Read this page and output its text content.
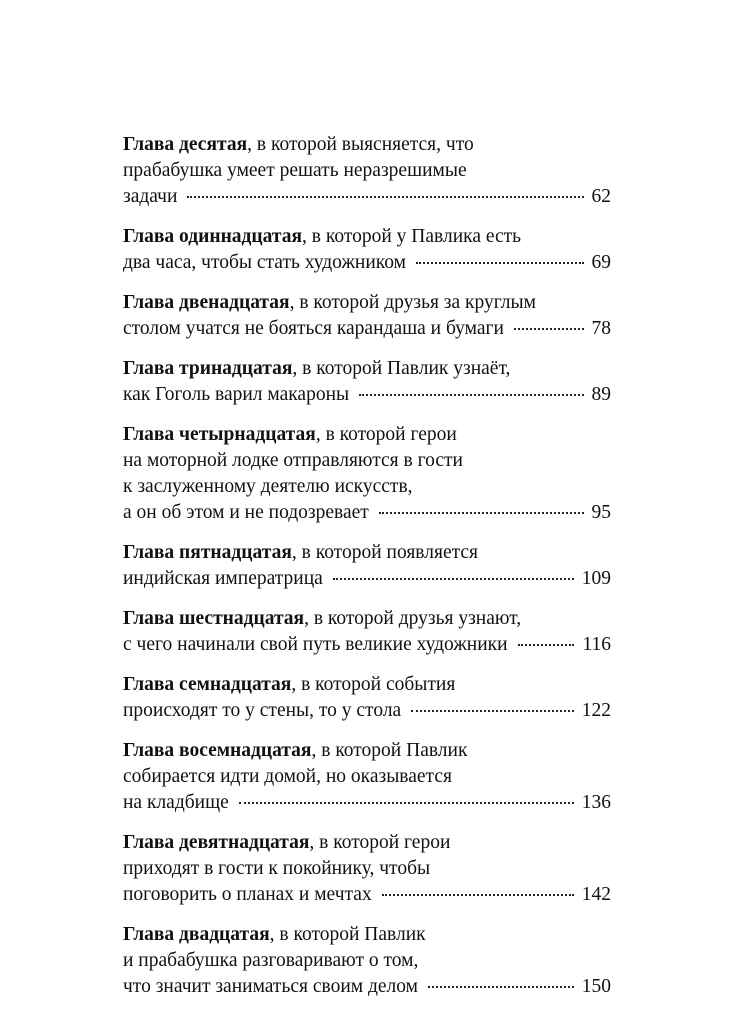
Глава десятая, в которой выясняется, что
прабабушка умеет решать неразрешимые
задачи	62
Глава одиннадцатая, в которой у Павлика есть
два часа, чтобы стать художником	69
Глава двенадцатая, в которой друзья за круглым
столом учатся не бояться карандаша и бумаги	78
Глава тринадцатая, в которой Павлик узнаёт,
как Гоголь варил макароны	89
Глава четырнадцатая, в которой герои
на моторной лодке отправляются в гости
к заслуженному деятелю искусств,
а он об этом и не подозревает	95
Глава пятнадцатая, в которой появляется
индийская императрица	109
Глава шестнадцатая, в которой друзья узнают,
с чего начинали свой путь великие художники	116
Глава семнадцатая, в которой события
происходят то у стены, то у стола	122
Глава восемнадцатая, в которой Павлик
собирается идти домой, но оказывается
на кладбище	136
Глава девятнадцатая, в которой герои
приходят в гости к покойнику, чтобы
поговорить о планах и мечтах	142
Глава двадцатая, в которой Павлик
и прабабушка разговаривают о том,
что значит заниматься своим делом	150
